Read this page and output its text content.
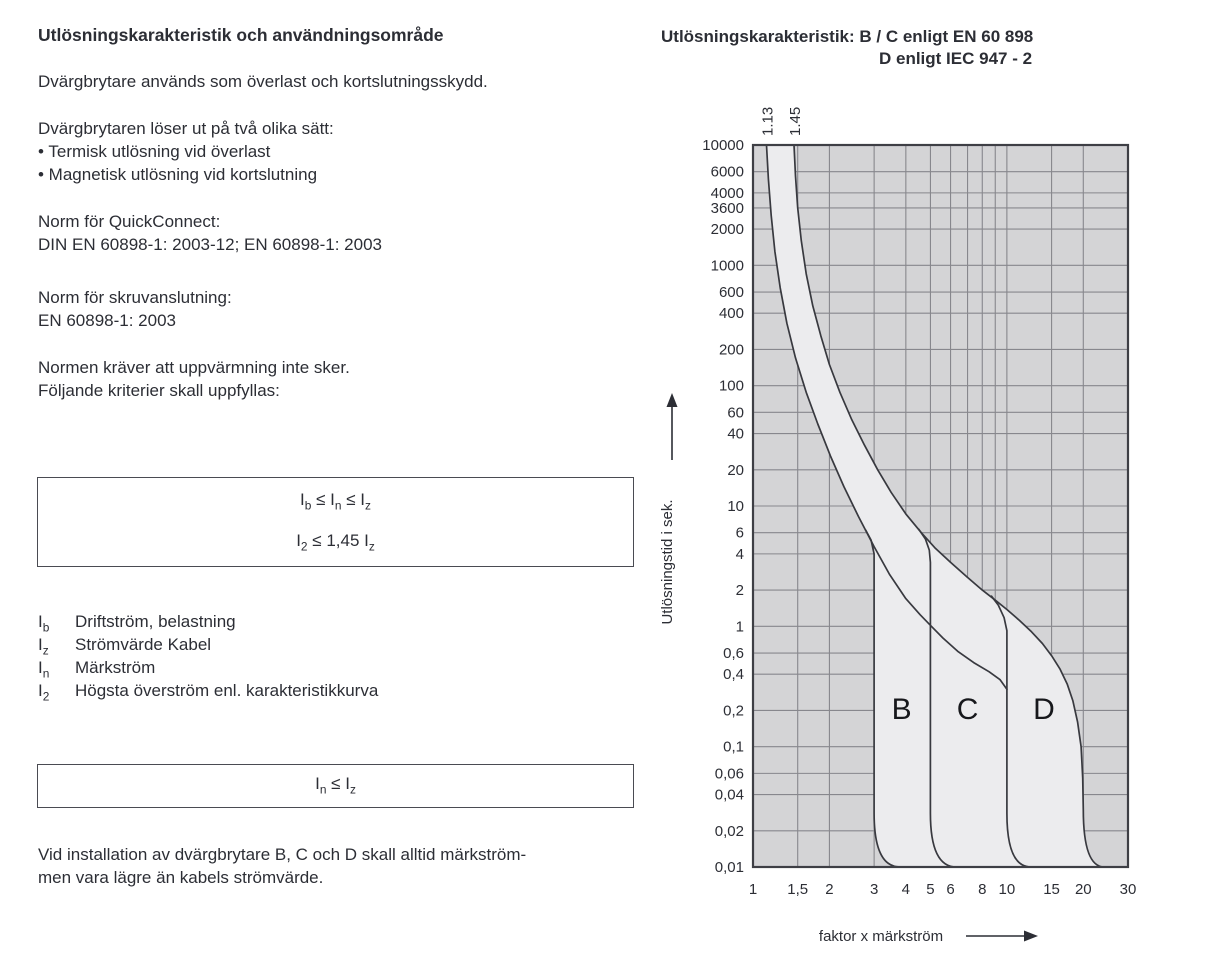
Utlösningskarakteristik och användningsområde
Dvärgbrytare används som överlast och kortslutningsskydd.
Dvärgbrytaren löser ut på två olika sätt:
• Termisk utlösning vid överlast
• Magnetisk utlösning vid kortslutning
Norm för QuickConnect:
DIN EN 60898-1: 2003-12; EN 60898-1: 2003
Norm för skruvanslutning:
EN 60898-1: 2003
Normen kräver att uppvärmning inte sker.
Följande kriterier skall uppfyllas:
$I_b \le I_n \le I_z$
$I_2 \le 1,45$ $I_z$
$I_b$	Driftström, belastning
$I_z$	Strömvärde Kabel
$I_n$	Märkström
$I_2$	Högsta överström enl. karakteristikkurva
$I_n \le I_z$
Vid installation av dvärgbrytare B, C och D skall alltid märkström-
men vara lägre än kabels strömvärde.
Utlösningskarakteristik: B / C enligt EN 60 898
D enligt IEC 947 - 2
B C D
10000
6000
4000
3600
2000
1000
600
400
200
100
60
40
20
10
6
4
2
1
0,6
0,4
0,2
0,1
0,06
0,04
0,02
0,01
1 1,5 2 3 4 5 6 8 10 15 20 30
1.13 1.45
faktor x märkström
Utlösningstid i sek.
